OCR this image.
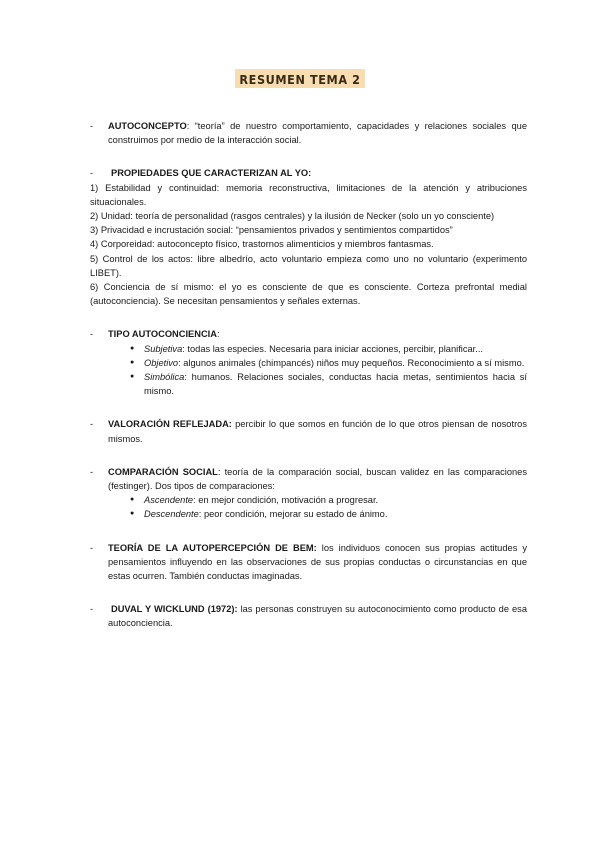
RESUMEN TEMA 2
- AUTOCONCEPTO: “teoría” de nuestro comportamiento, capacidades y relaciones sociales que construimos por medio de la interacción social.

-	PROPIEDADES QUE CARACTERIZAN AL YO:

1) Estabilidad y continuidad: memoria reconstructiva, limitaciones de la atención y atribuciones situacionales.

2) Unidad: teoría de personalidad (rasgos centrales) y la ilusión de Necker (solo un yo consciente)

3) Privacidad e incrustación social: “pensamientos privados y sentimientos compartidos”

4) Corporeidad: autoconcepto físico, trastornos alimenticios y miembros fantasmas.

5) Control de los actos: libre albedrío, acto voluntario empieza como uno no voluntario (experimento LIBET).

6) Conciencia de sí mismo: el yo es consciente de que es consciente. Corteza prefrontal medial (autoconciencia). Se necesitan pensamientos y señales externas.

- TIPO AUTOCONCIENCIA:

● Subjetiva: todas las especies. Necesaria para iniciar acciones, percibir, planificar...
● Objetivo: algunos animales (chimpancés) niños muy pequeños. Reconocimiento a sí mismo.
● Simbólica: humanos. Relaciones sociales, conductas hacia metas, sentimientos hacia sí mismo.
- VALORACIÓN REFLEJADA: percibir lo que somos en función de lo que otros piensan de nosotros mismos.

- COMPARACIÓN SOCIAL: teoría de la comparación social, buscan validez en las comparaciones (festinger). Dos tipos de comparaciones:

● Ascendente: en mejor condición, motivación a progresar.
● Descendente: peor condición, mejorar su estado de ánimo.
- TEORÍA DE LA AUTOPERCEPCIÓN DE BEM: los individuos conocen sus propias actitudes y pensamientos influyendo en las observaciones de sus propias conductas o circunstancias en que estas ocurren. También conductas imaginadas.

-	DUVAL Y WICKLUND (1972): las personas construyen su autoconocimiento como producto de esa autoconciencia.
